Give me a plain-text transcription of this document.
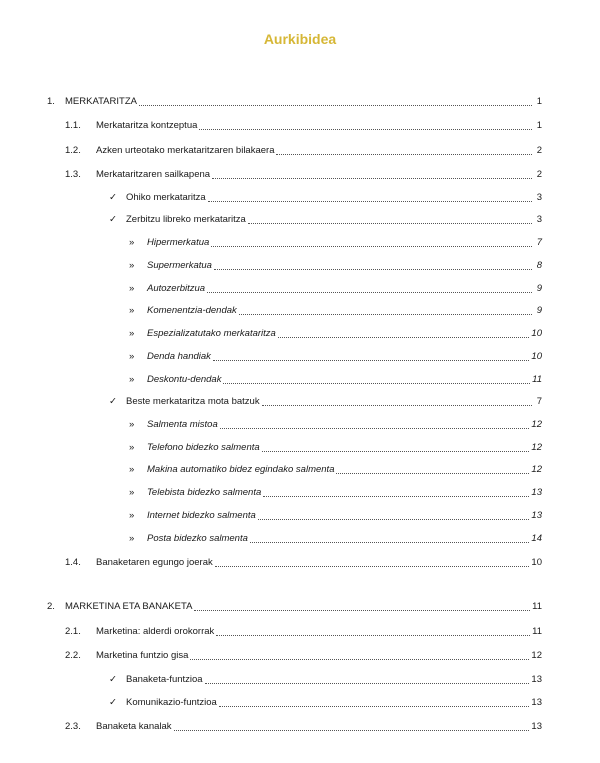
Aurkibidea
1.	MERKATARITZA	1
1.1.	Merkataritza kontzeptua	1
1.2.	Azken urteotako merkataritzaren bilakaera	2
1.3.	Merkataritzaren sailkapena	2
✓ Ohiko merkataritza	3
✓ Zerbitzu libreko merkataritza	3
»	Hipermerkatua	7
»	Supermerkatua	8
»	Autozerbitzua	9
»	Komenentzia-dendak	9
»	Espezializatutako merkataritza	10
»	Denda handiak	10
»	Deskontu-dendak	11
✓ Beste merkataritza mota batzuk	7
»	Salmenta mistoa	12
»	Telefono bidezko salmenta	12
»	Makina automatiko bidez egindako salmenta	12
»	Telebista bidezko salmenta	13
»	Internet bidezko salmenta	13
»	Posta bidezko salmenta	14
1.4.	Banaketaren egungo joerak	10
2.	MARKETINA ETA BANAKETA	11
2.1.	Marketina: alderdi orokorrak	11
2.2.	Marketina funtzio gisa	12
✓ Banaketa-funtzioa	13
✓ Komunikazio-funtzioa	13
2.3.	Banaketa kanalak	13
